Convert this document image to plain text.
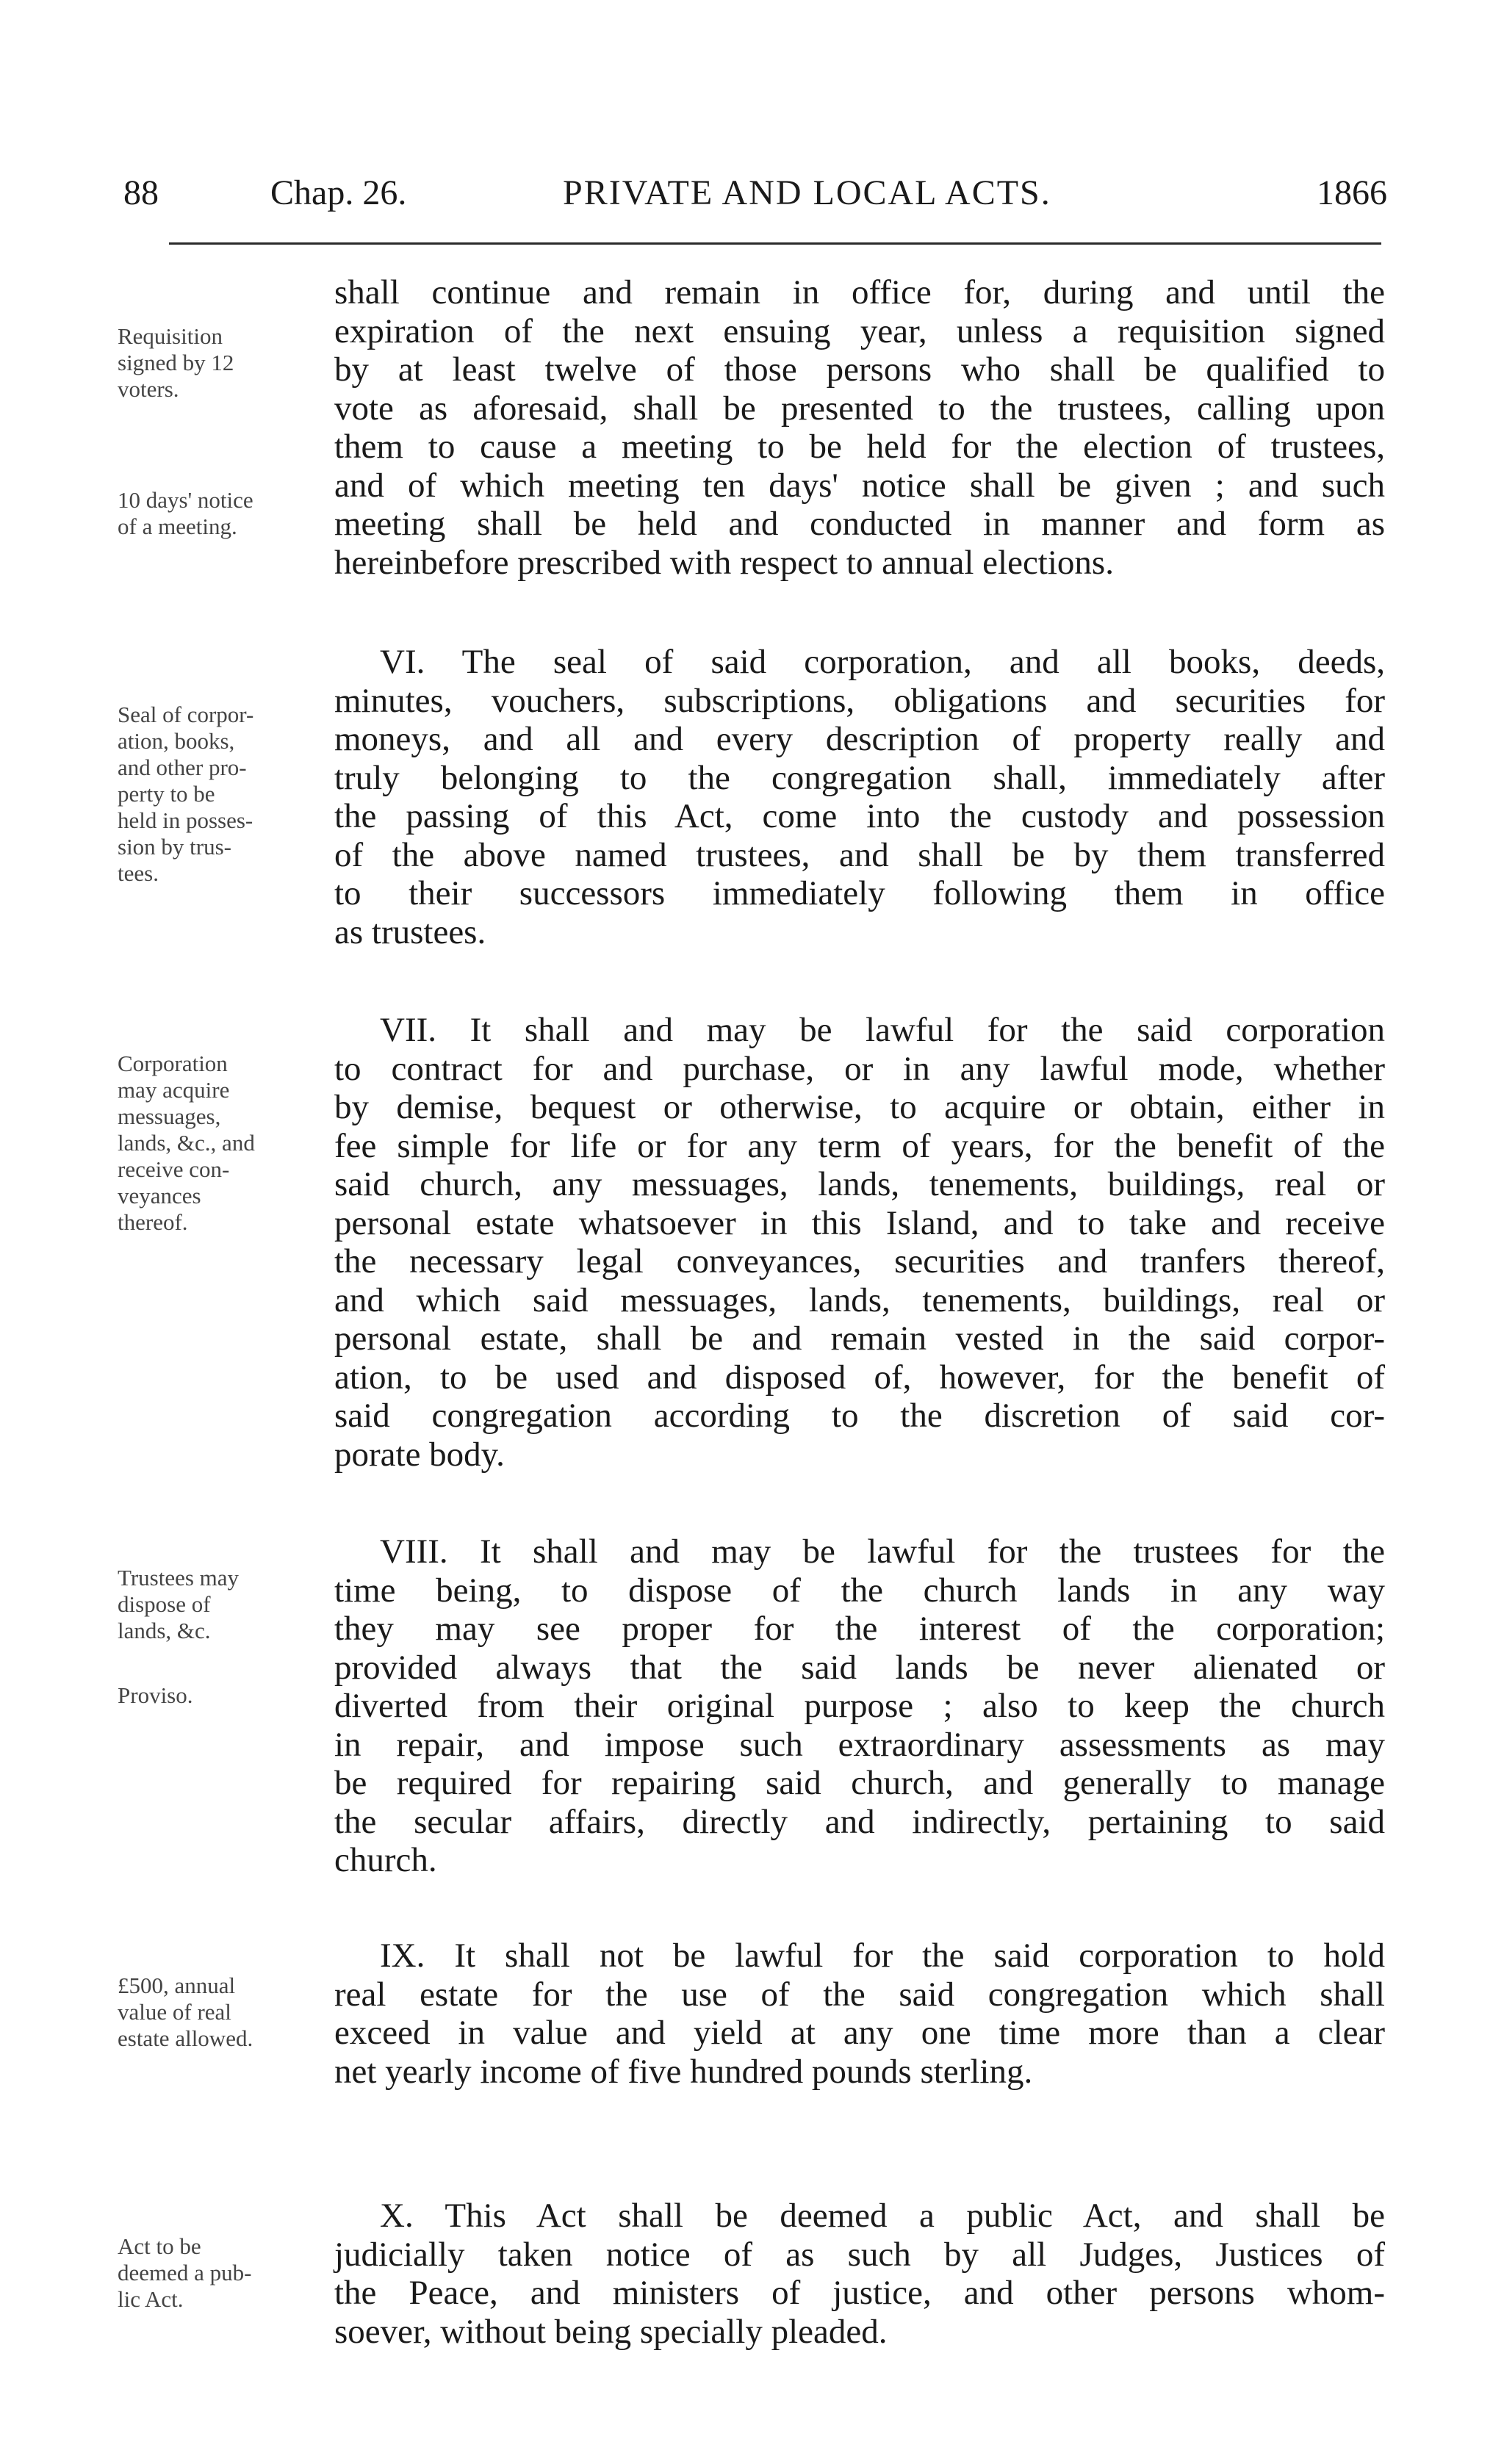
88	Chap. 26.	PRIVATE AND LOCAL ACTS.	1866
Requisition
signed by 12
voters.
10 days' notice
of a meeting.
Seal of corpor-
ation, books,
and other pro-
perty to be
held in posses-
sion by trus-
tees.
Corporation
may acquire
messuages,
lands, &c., and
receive con-
veyances
thereof.
Trustees may
dispose of
lands, &c.
Proviso.
£500, annual
value of real
estate allowed.
Act to be
deemed a pub-
lic Act.
shall continue and remain in office for, during and until the
expiration of the next ensuing year, unless a requisition signed
by at least twelve of those persons who shall be qualified to
vote as aforesaid, shall be presented to the trustees, calling upon
them to cause a meeting to be held for the election of trustees,
and of which meeting ten days' notice shall be given ; and such
meeting shall be held and conducted in manner and form as
hereinbefore prescribed with respect to annual elections.
VI. The seal of said corporation, and all books, deeds,
minutes, vouchers, subscriptions, obligations and securities for
moneys, and all and every description of property really and
truly belonging to the congregation shall, immediately after
the passing of this Act, come into the custody and possession
of the above named trustees, and shall be by them transferred
to their successors immediately following them in office
as trustees.
VII. It shall and may be lawful for the said corporation
to contract for and purchase, or in any lawful mode, whether
by demise, bequest or otherwise, to acquire or obtain, either in
fee simple for life or for any term of years, for the benefit of the
said church, any messuages, lands, tenements, buildings, real or
personal estate whatsoever in this Island, and to take and receive
the necessary legal conveyances, securities and tranfers thereof,
and which said messuages, lands, tenements, buildings, real or
personal estate, shall be and remain vested in the said corpor-
ation, to be used and disposed of, however, for the benefit of
said congregation according to the discretion of said cor-
porate body.
VIII. It shall and may be lawful for the trustees for the
time being, to dispose of the church lands in any way
they may see proper for the interest of the corporation;
provided always that the said lands be never alienated or
diverted from their original purpose ; also to keep the church
in repair, and impose such extraordinary assessments as may
be required for repairing said church, and generally to manage
the secular affairs, directly and indirectly, pertaining to said
church.
IX. It shall not be lawful for the said corporation to hold
real estate for the use of the said congregation which shall
exceed in value and yield at any one time more than a clear
net yearly income of five hundred pounds sterling.
X. This Act shall be deemed a public Act, and shall be
judicially taken notice of as such by all Judges, Justices of
the Peace, and ministers of justice, and other persons whom-
soever, without being specially pleaded.
